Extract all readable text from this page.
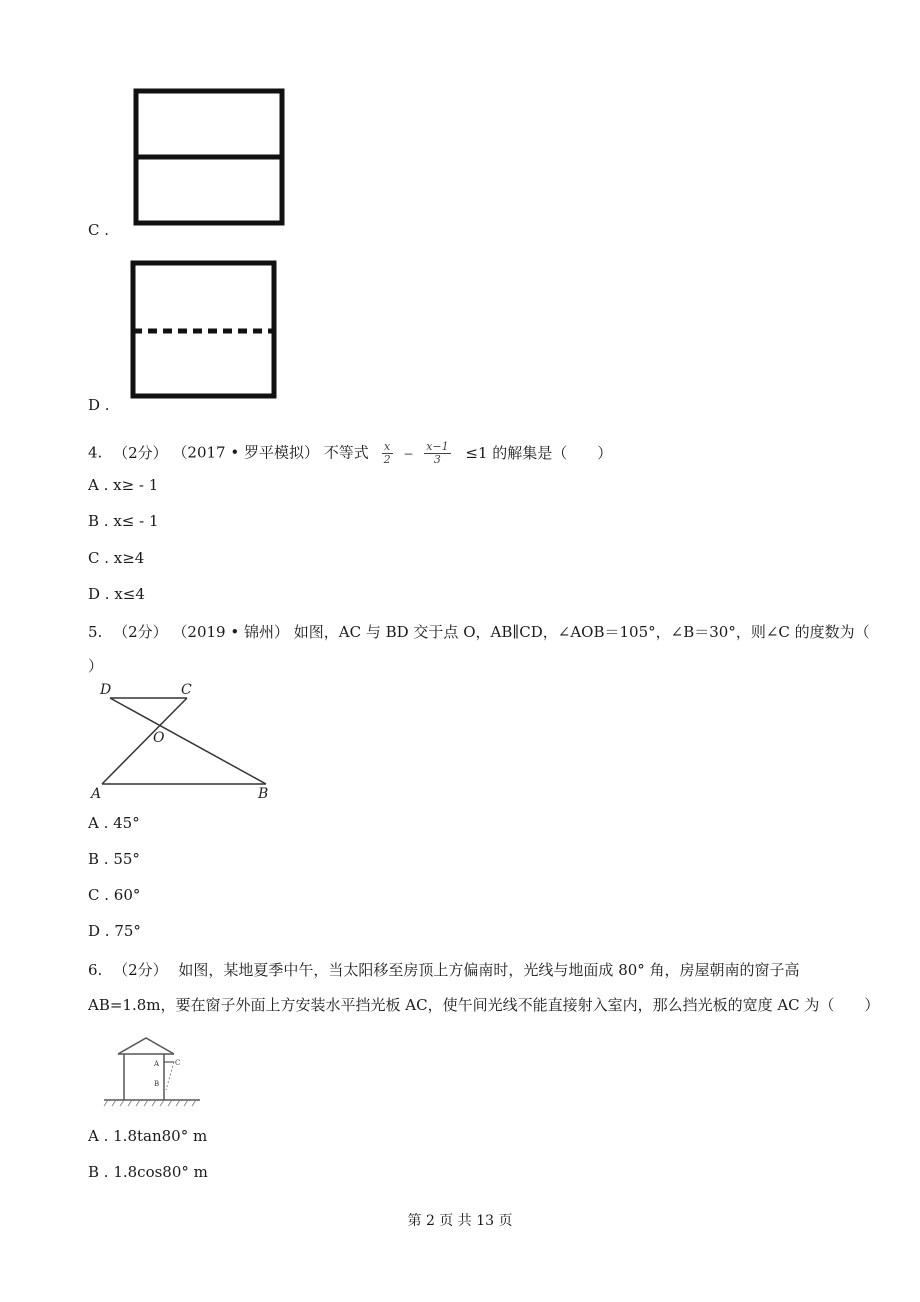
C .
D .
4. （2分） （2017 • 罗平模拟） 不等式 $\frac{x}{2} - \frac{x-1}{3} \le 1$ 的解集是（　　）
A . x≥ - 1
B . x≤ - 1
C . x≥4
D . x≤4
5. （2分） （2019 • 锦州） 如图，AC 与 BD 交于点 O，AB∥CD，∠AOB＝105°，∠B＝30°，则∠C 的度数为（
）
D	C
O
A	B
A . 45°
B . 55°
C . 60°
D . 75°
6. （2分） 如图，某地夏季中午，当太阳移至房顶上方偏南时，光线与地面成 80° 角，房屋朝南的窗子高
AB=1.8m，要在窗子外面上方安装水平挡光板 AC，使午间光线不能直接射入室内，那么挡光板的宽度 AC 为（　　）
A C
B
A . 1.8tan80° m
B . 1.8cos80° m
第 2 页 共 13 页
